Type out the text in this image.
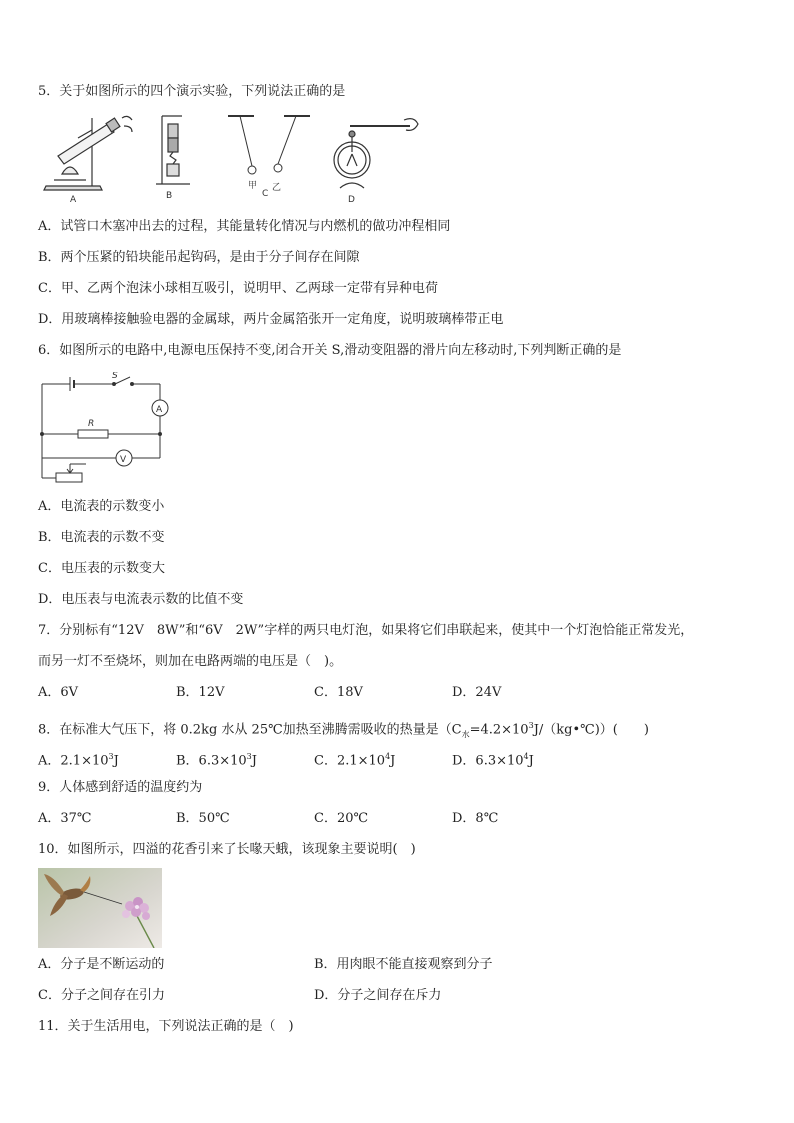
5．关于如图所示的四个演示实验，下列说法正确的是
A	B
甲 乙
C
D
A．试管口木塞冲出去的过程，其能量转化情况与内燃机的做功冲程相同
B．两个压紧的铅块能吊起钩码，是由于分子间存在间隙
C．甲、乙两个泡沫小球相互吸引，说明甲、乙两球一定带有异种电荷
D．用玻璃棒接触验电器的金属球，两片金属箔张开一定角度，说明玻璃棒带正电
6．如图所示的电路中,电源电压保持不变,闭合开关 S,滑动变阻器的滑片向左移动时,下列判断正确的是
S
A
R
V
A．电流表的示数变小
B．电流表的示数不变
C．电压表的示数变大
D．电压表与电流表示数的比值不变
7．分别标有“12V　8W”和“6V　2W”字样的两只电灯泡，如果将它们串联起来，使其中一个灯泡恰能正常发光，
而另一灯不至烧坏，则加在电路两端的电压是（　)。
A．6V	B．12V	C．18V	D．24V
8．在标准大气压下，将 0.2kg 水从 25℃加热至沸腾需吸收的热量是$(C_水=4.2\times 10^3J/(kg•℃))$(　　)
A．$2.1\times 10^3J$	B．$6.3\times 10^3J$	C．$2.1\times 10^4J$	D．$6.3\times 10^4J$
9．人体感到舒适的温度约为
A．37℃	B．50℃	C．20℃	D．8℃
10．如图所示，四溢的花香引来了长喙天蛾，该现象主要说明(　)
A．分子是不断运动的	B．用肉眼不能直接观察到分子
C．分子之间存在引力	D．分子之间存在斥力
11．关于生活用电，下列说法正确的是（　)
